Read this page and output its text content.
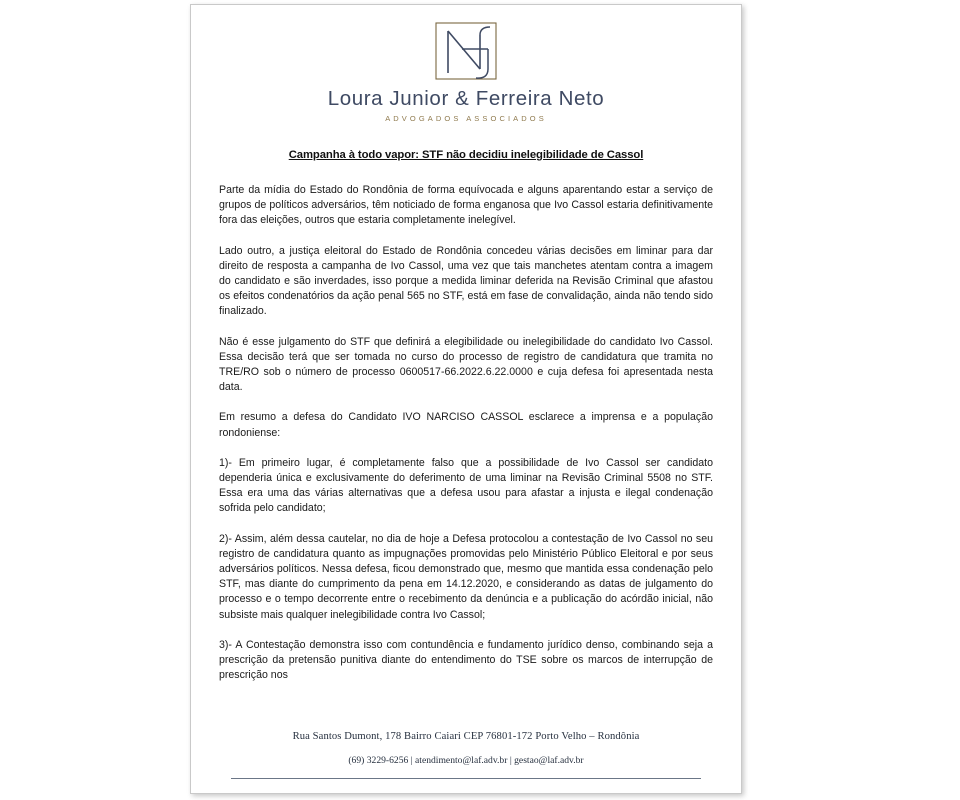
Loura Junior & Ferreira Neto
ADVOGADOS ASSOCIADOS
Campanha à todo vapor: STF não decidiu inelegibilidade de Cassol

Parte da mídia do Estado do Rondônia de forma equívocada e alguns aparentando estar a serviço de grupos de políticos adversários, têm noticiado de forma enganosa que Ivo Cassol estaria definitivamente fora das eleições, outros que estaria completamente inelegível.

Lado outro, a justiça eleitoral do Estado de Rondônia concedeu várias decisões em liminar para dar direito de resposta a campanha de Ivo Cassol, uma vez que tais manchetes atentam contra a imagem do candidato e são inverdades, isso porque a medida liminar deferida na Revisão Criminal que afastou os efeitos condenatórios da ação penal 565 no STF, está em fase de convalidação, ainda não tendo sido finalizado.

Não é esse julgamento do STF que definirá a elegibilidade ou inelegibilidade do candidato Ivo Cassol. Essa decisão terá que ser tomada no curso do processo de registro de candidatura que tramita no TRE/RO sob o número de processo 0600517-66.2022.6.22.0000 e cuja defesa foi apresentada nesta data.

Em resumo a defesa do Candidato IVO NARCISO CASSOL esclarece a imprensa e a população rondoniense:

1)- Em primeiro lugar, é completamente falso que a possibilidade de Ivo Cassol ser candidato dependeria única e exclusivamente do deferimento de uma liminar na Revisão Criminal 5508 no STF. Essa era uma das várias alternativas que a defesa usou para afastar a injusta e ilegal condenação sofrida pelo candidato;

2)- Assim, além dessa cautelar, no dia de hoje a Defesa protocolou a contestação de Ivo Cassol no seu registro de candidatura quanto as impugnações promovidas pelo Ministério Público Eleitoral e por seus adversários políticos. Nessa defesa, ficou demonstrado que, mesmo que mantida essa condenação pelo STF, mas diante do cumprimento da pena em 14.12.2020, e considerando as datas de julgamento do processo e o tempo decorrente entre o recebimento da denúncia e a publicação do acórdão inicial, não subsiste mais qualquer inelegibilidade contra Ivo Cassol;

3)- A Contestação demonstra isso com contundência e fundamento jurídico denso, combinando seja a prescrição da pretensão punitiva diante do entendimento do TSE sobre os marcos de interrupção de prescrição nos

Rua Santos Dumont, 178 Bairro Caiari CEP 76801-172 Porto Velho – Rondônia
(69) 3229-6256 | atendimento@laf.adv.br | gestao@laf.adv.br
